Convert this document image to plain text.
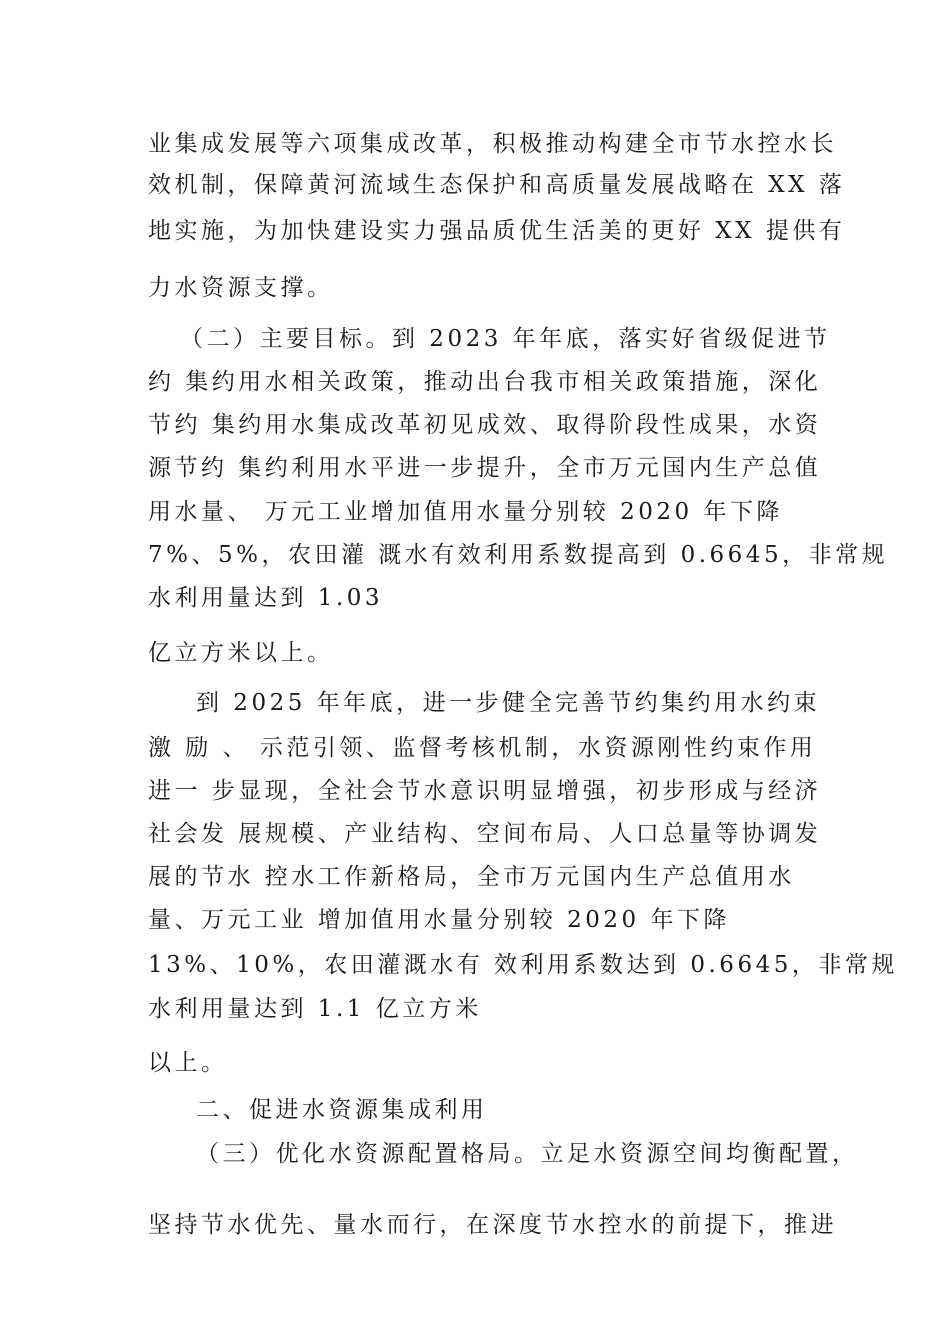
业集成发展等六项集成改革，积极推动构建全市节水控水长
效机制，保障黄河流域生态保护和高质量发展战略在 XX 落
地实施，为加快建设实力强品质优生活美的更好 XX 提供有
力水资源支撑。
（二）主要目标。到 2023 年年底，落实好省级促进节
约 集约用水相关政策，推动出台我市相关政策措施，深化
节约 集约用水集成改革初见成效、取得阶段性成果，水资
源节约 集约利用水平进一步提升，全市万元国内生产总值
用水量、 万元工业增加值用水量分别较 2020 年下降
7%、5%，农田灌 溉水有效利用系数提高到 0.6645，非常规
水利用量达到 1.03
亿立方米以上。
到 2025 年年底，进一步健全完善节约集约用水约束
激 励 、 示范引领、监督考核机制，水资源刚性约束作用
进一 步显现，全社会节水意识明显增强，初步形成与经济
社会发 展规模、产业结构、空间布局、人口总量等协调发
展的节水 控水工作新格局，全市万元国内生产总值用水
量、万元工业 增加值用水量分别较 2020 年下降
13%、10%，农田灌溉水有 效利用系数达到 0.6645，非常规
水利用量达到 1.1 亿立方米
以上。
二、促进水资源集成利用
（三）优化水资源配置格局。立足水资源空间均衡配置，
坚持节水优先、量水而行，在深度节水控水的前提下，推进
